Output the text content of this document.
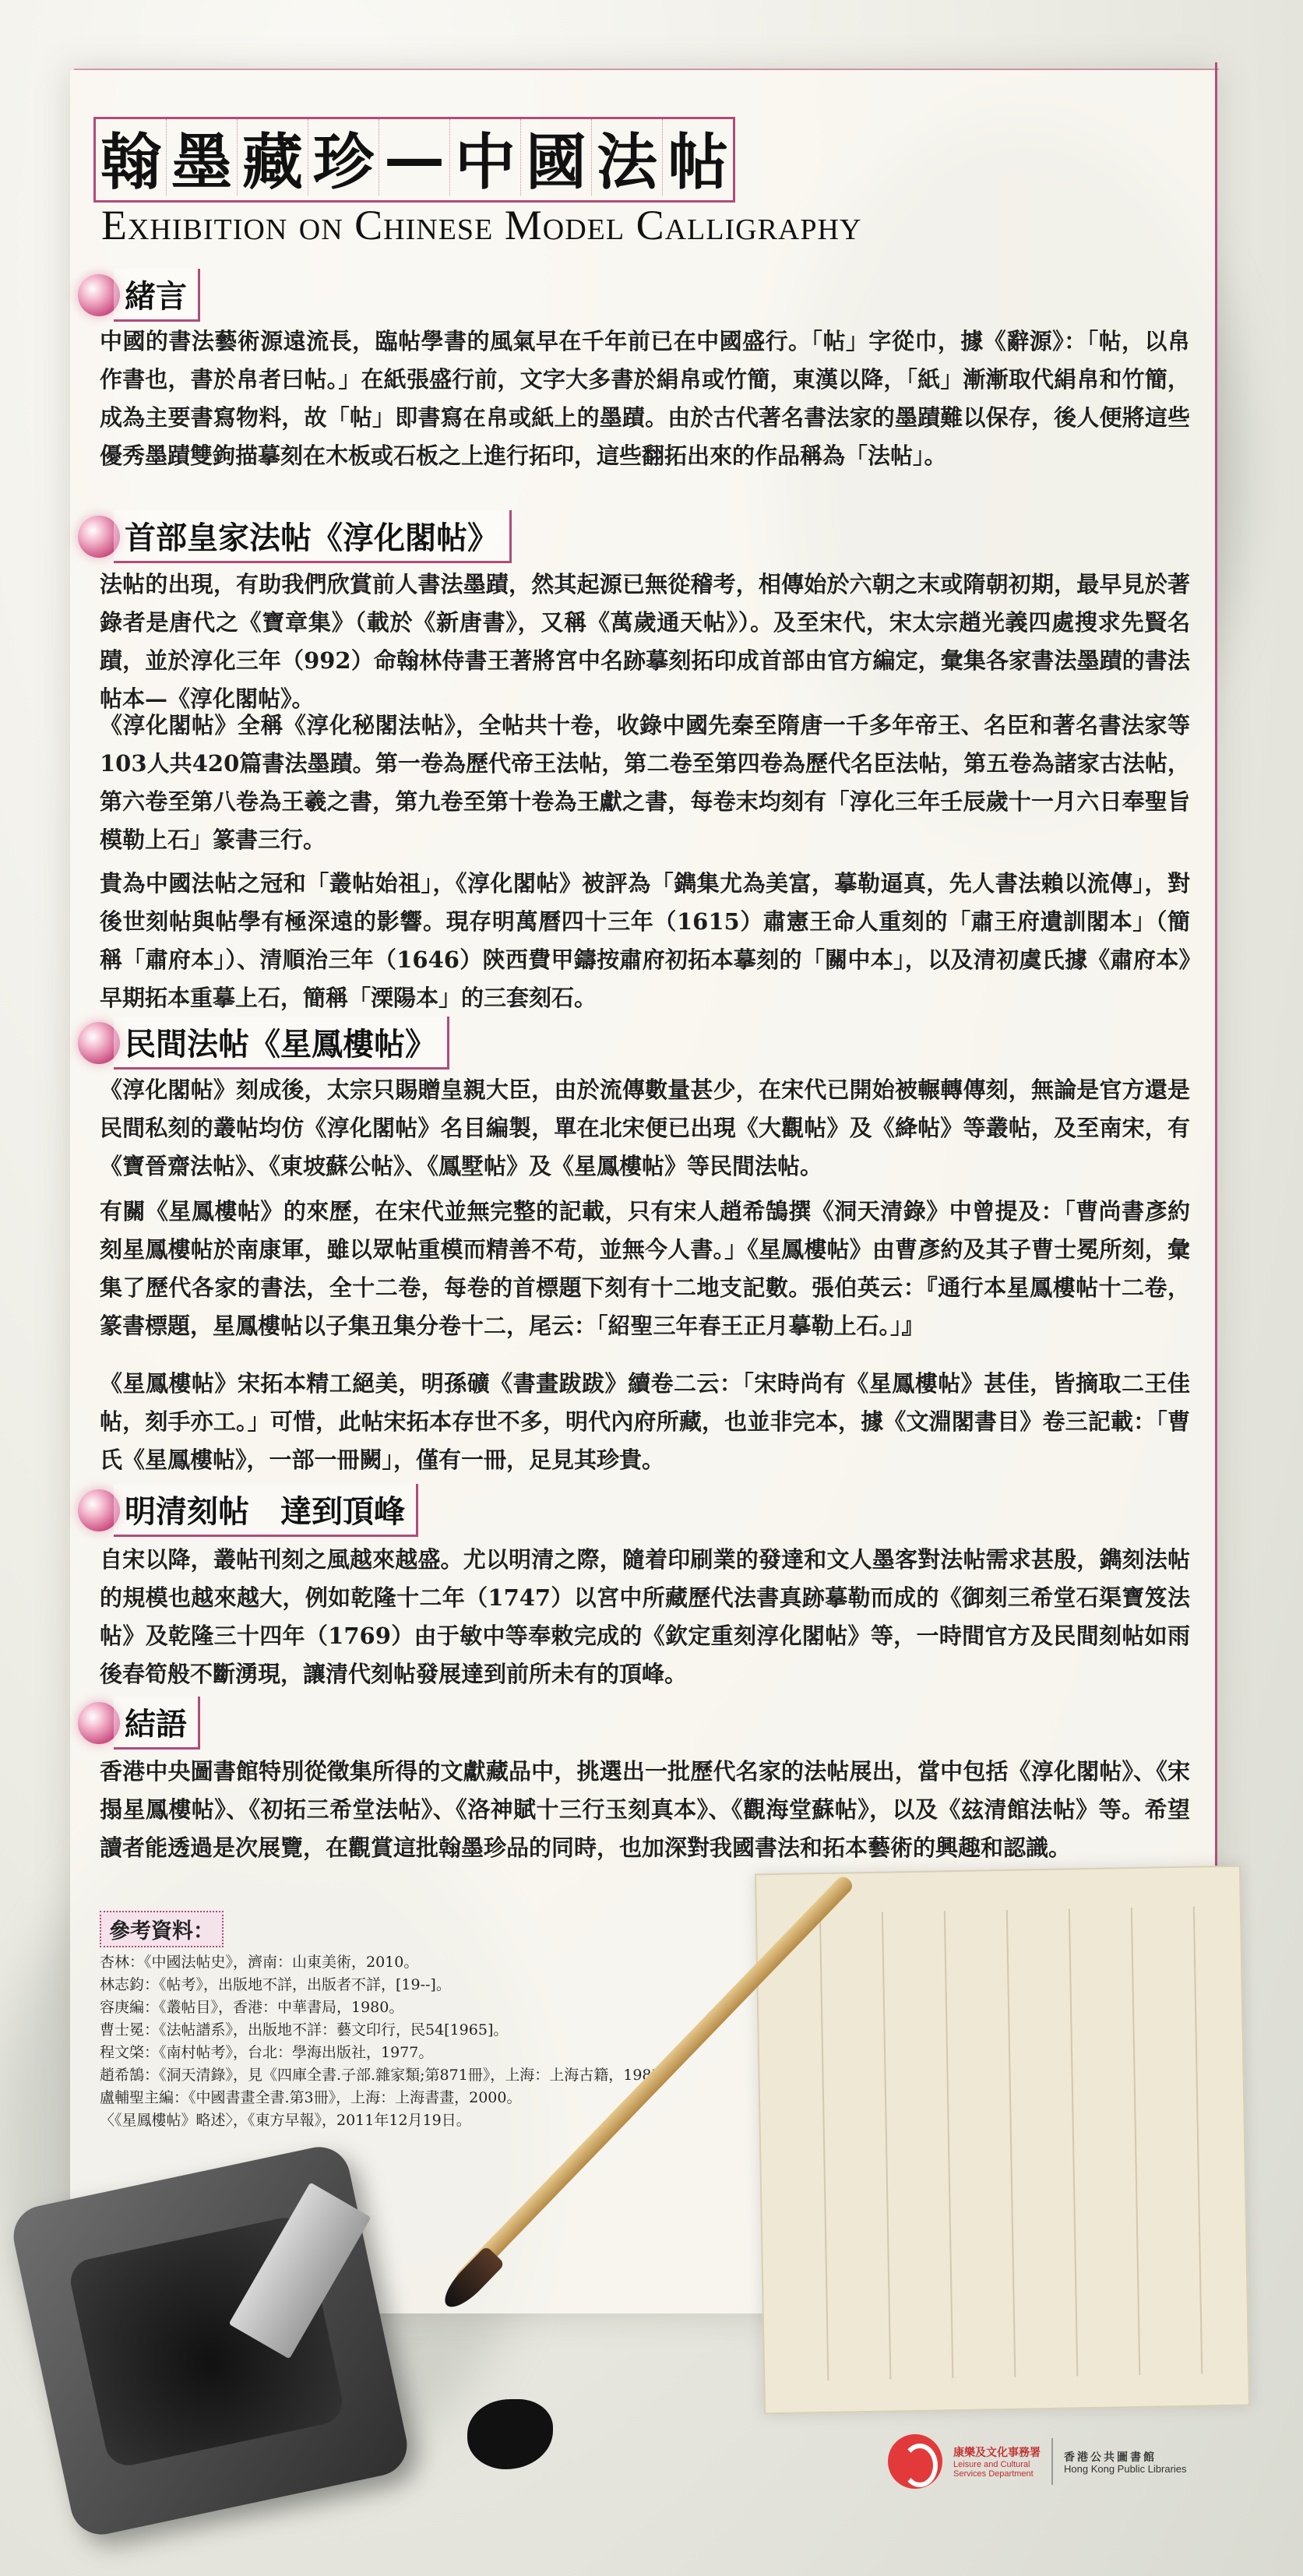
翰 墨 藏 珍 — 中 國 法 帖
Exhibition on Chinese Model Calligraphy
緒言

中國的書法藝術源遠流長，臨帖學書的風氣早在千年前已在中國盛行。「帖」字從巾，據《辭源》：「帖，以帛作書也，書於帛者曰帖。」在紙張盛行前，文字大多書於絹帛或竹簡，東漢以降，「紙」漸漸取代絹帛和竹簡，成為主要書寫物料，故「帖」即書寫在帛或紙上的墨蹟。由於古代著名書法家的墨蹟難以保存，後人便將這些優秀墨蹟雙鉤描摹刻在木板或石板之上進行拓印，這些翻拓出來的作品稱為「法帖」。

首部皇家法帖《淳化閣帖》

法帖的出現，有助我們欣賞前人書法墨蹟，然其起源已無從稽考，相傳始於六朝之末或隋朝初期，最早見於著錄者是唐代之《寶章集》（載於《新唐書》，又稱《萬歲通天帖》）。及至宋代，宋太宗趙光義四處搜求先賢名蹟，並於淳化三年（992）命翰林侍書王著將宮中名跡摹刻拓印成首部由官方編定，彙集各家書法墨蹟的書法帖本—《淳化閣帖》。

《淳化閣帖》全稱《淳化秘閣法帖》，全帖共十卷，收錄中國先秦至隋唐一千多年帝王、名臣和著名書法家等103人共420篇書法墨蹟。第一卷為歷代帝王法帖，第二卷至第四卷為歷代名臣法帖，第五卷為諸家古法帖，第六卷至第八卷為王羲之書，第九卷至第十卷為王獻之書，每卷末均刻有「淳化三年壬辰歲十一月六日奉聖旨模勒上石」篆書三行。

貴為中國法帖之冠和「叢帖始祖」，《淳化閣帖》被評為「鐫集尤為美富，摹勒逼真，先人書法賴以流傳」，對後世刻帖與帖學有極深遠的影響。現存明萬曆四十三年（1615）肅憲王命人重刻的「肅王府遺訓閣本」（簡稱「肅府本」）、清順治三年（1646）陝西費甲鑄按肅府初拓本摹刻的「關中本」，以及清初虞氏據《肅府本》早期拓本重摹上石，簡稱「溧陽本」的三套刻石。

民間法帖《星鳳樓帖》

《淳化閣帖》刻成後，太宗只賜贈皇親大臣，由於流傳數量甚少，在宋代已開始被輾轉傳刻，無論是官方還是民間私刻的叢帖均仿《淳化閣帖》名目編製，單在北宋便已出現《大觀帖》及《絳帖》等叢帖，及至南宋，有《寶晉齋法帖》、《東坡蘇公帖》、《鳳墅帖》及《星鳳樓帖》等民間法帖。

有關《星鳳樓帖》的來歷，在宋代並無完整的記載，只有宋人趙希鵠撰《洞天清錄》中曾提及：「曹尚書彥約刻星鳳樓帖於南康軍，雖以眾帖重模而精善不苟，並無今人書。」《星鳳樓帖》由曹彥約及其子曹士冕所刻，彙集了歷代各家的書法，全十二卷，每卷的首標題下刻有十二地支記數。張伯英云：『通行本星鳳樓帖十二卷，篆書標題，星鳳樓帖以子集丑集分卷十二，尾云：「紹聖三年春王正月摹勒上石。」』

《星鳳樓帖》宋拓本精工絕美，明孫礦《書畫跋跋》續卷二云：「宋時尚有《星鳳樓帖》甚佳，皆摘取二王佳帖，刻手亦工。」可惜，此帖宋拓本存世不多，明代內府所藏，也並非完本，據《文淵閣書目》卷三記載：「曹氏《星鳳樓帖》，一部一冊闕」，僅有一冊，足見其珍貴。

明清刻帖　達到頂峰

自宋以降，叢帖刊刻之風越來越盛。尤以明清之際，隨着印刷業的發達和文人墨客對法帖需求甚殷，鐫刻法帖的規模也越來越大，例如乾隆十二年（1747）以宮中所藏歷代法書真跡摹勒而成的《御刻三希堂石渠寶笈法帖》及乾隆三十四年（1769）由于敏中等奉敕完成的《欽定重刻淳化閣帖》等，一時間官方及民間刻帖如雨後春筍般不斷湧現，讓清代刻帖發展達到前所未有的頂峰。

結語

香港中央圖書館特別從徵集所得的文獻藏品中，挑選出一批歷代名家的法帖展出，當中包括《淳化閣帖》、《宋搨星鳳樓帖》、《初拓三希堂法帖》、《洛神賦十三行玉刻真本》、《觀海堂蘇帖》，以及《玆清館法帖》等。希望讀者能透過是次展覽，在觀賞這批翰墨珍品的同時，也加深對我國書法和拓本藝術的興趣和認識。

參考資料：
杏林：《中國法帖史》，濟南：山東美術，2010。
林志鈞：《帖考》，出版地不詳，出版者不詳，[19--]。
容庚編：《叢帖目》，香港：中華書局，1980。
曹士冕：《法帖譜系》，出版地不詳：藝文印行，民54[1965]。
程文棨：《南村帖考》，台北：學海出版社，1977。
趙希鵠：《洞天清錄》，見《四庫全書.子部.雜家類;第871冊》，上海：上海古籍，1987。
盧輔聖主編：《中國書畫全書.第3冊》，上海：上海書畫，2000。
〈《星鳳樓帖》略述〉，《東方早報》，2011年12月19日。
康樂及文化事務署
Leisure and Cultural
Services Department
香港公共圖書館
Hong Kong Public Libraries
